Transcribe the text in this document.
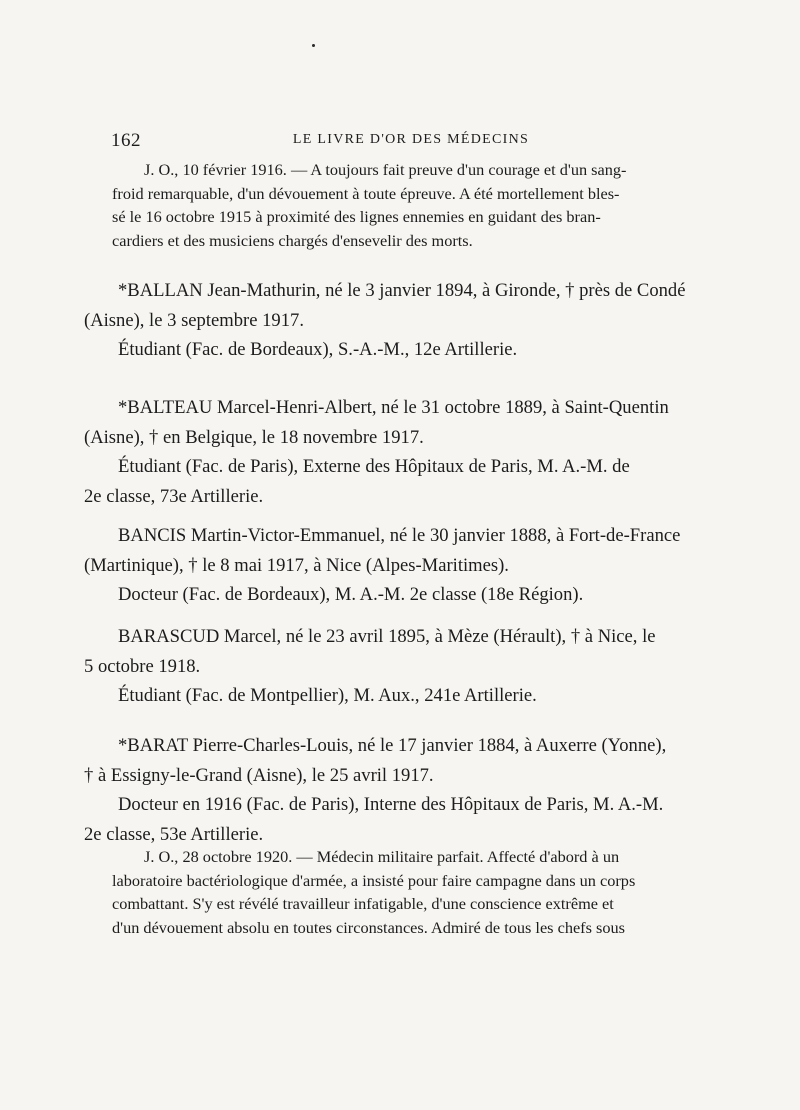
162	LE LIVRE D'OR DES MÉDECINS
J. O., 10 février 1916. — A toujours fait preuve d'un courage et d'un sang-
froid remarquable, d'un dévouement à toute épreuve. A été mortellement bles-
sé le 16 octobre 1915 à proximité des lignes ennemies en guidant des bran-
cardiers et des musiciens chargés d'ensevelir des morts.

*BALLAN Jean-Mathurin, né le 3 janvier 1894, à Gironde, † près de Condé

(Aisne), le 3 septembre 1917.

Étudiant (Fac. de Bordeaux), S.-A.-M., 12e Artillerie.

*BALTEAU Marcel-Henri-Albert, né le 31 octobre 1889, à Saint-Quentin

(Aisne), † en Belgique, le 18 novembre 1917.

Étudiant (Fac. de Paris), Externe des Hôpitaux de Paris, M. A.-M. de

2e classe, 73e Artillerie.

BANCIS Martin-Victor-Emmanuel, né le 30 janvier 1888, à Fort-de-France

(Martinique), † le 8 mai 1917, à Nice (Alpes-Maritimes).

Docteur (Fac. de Bordeaux), M. A.-M. 2e classe (18e Région).

BARASCUD Marcel, né le 23 avril 1895, à Mèze (Hérault), † à Nice, le

5 octobre 1918.

Étudiant (Fac. de Montpellier), M. Aux., 241e Artillerie.

*BARAT Pierre-Charles-Louis, né le 17 janvier 1884, à Auxerre (Yonne),

† à Essigny-le-Grand (Aisne), le 25 avril 1917.

Docteur en 1916 (Fac. de Paris), Interne des Hôpitaux de Paris, M. A.-M.

2e classe, 53e Artillerie.

J. O., 28 octobre 1920. — Médecin militaire parfait. Affecté d'abord à un
laboratoire bactériologique d'armée, a insisté pour faire campagne dans un corps
combattant. S'y est révélé travailleur infatigable, d'une conscience extrême et
d'un dévouement absolu en toutes circonstances. Admiré de tous les chefs sous
